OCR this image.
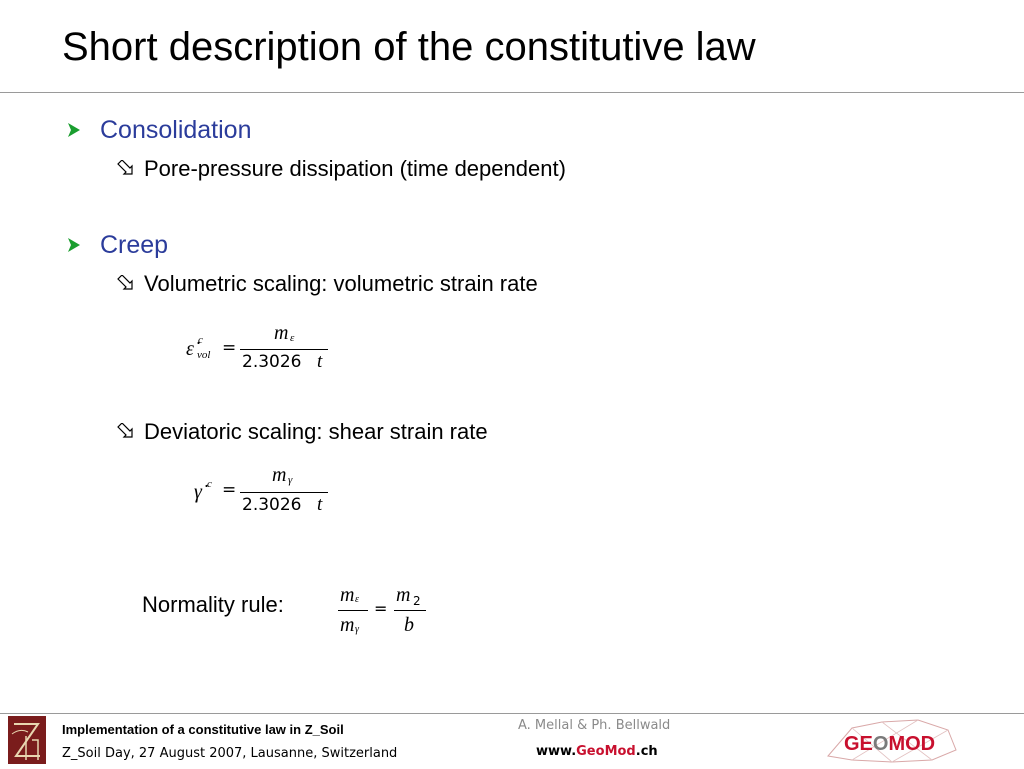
Short description of the constitutive law
Consolidation
Pore-pressure dissipation (time dependent)
Creep
Volumetric scaling: volumetric strain rate
ε̇ c
vol =
m ε
2.3026 t
Deviatoric scaling: shear strain rate
γ̇ c =
m γ
2.3026 t
Normality rule:	m ε
m γ
=
m 2
b
Implementation of a constitutive law in Z_Soil
Z_Soil Day, 27 August 2007, Lausanne, Switzerland
A. Mellal & Ph. Bellwald
www.GeoMod.ch	GEOMOD
